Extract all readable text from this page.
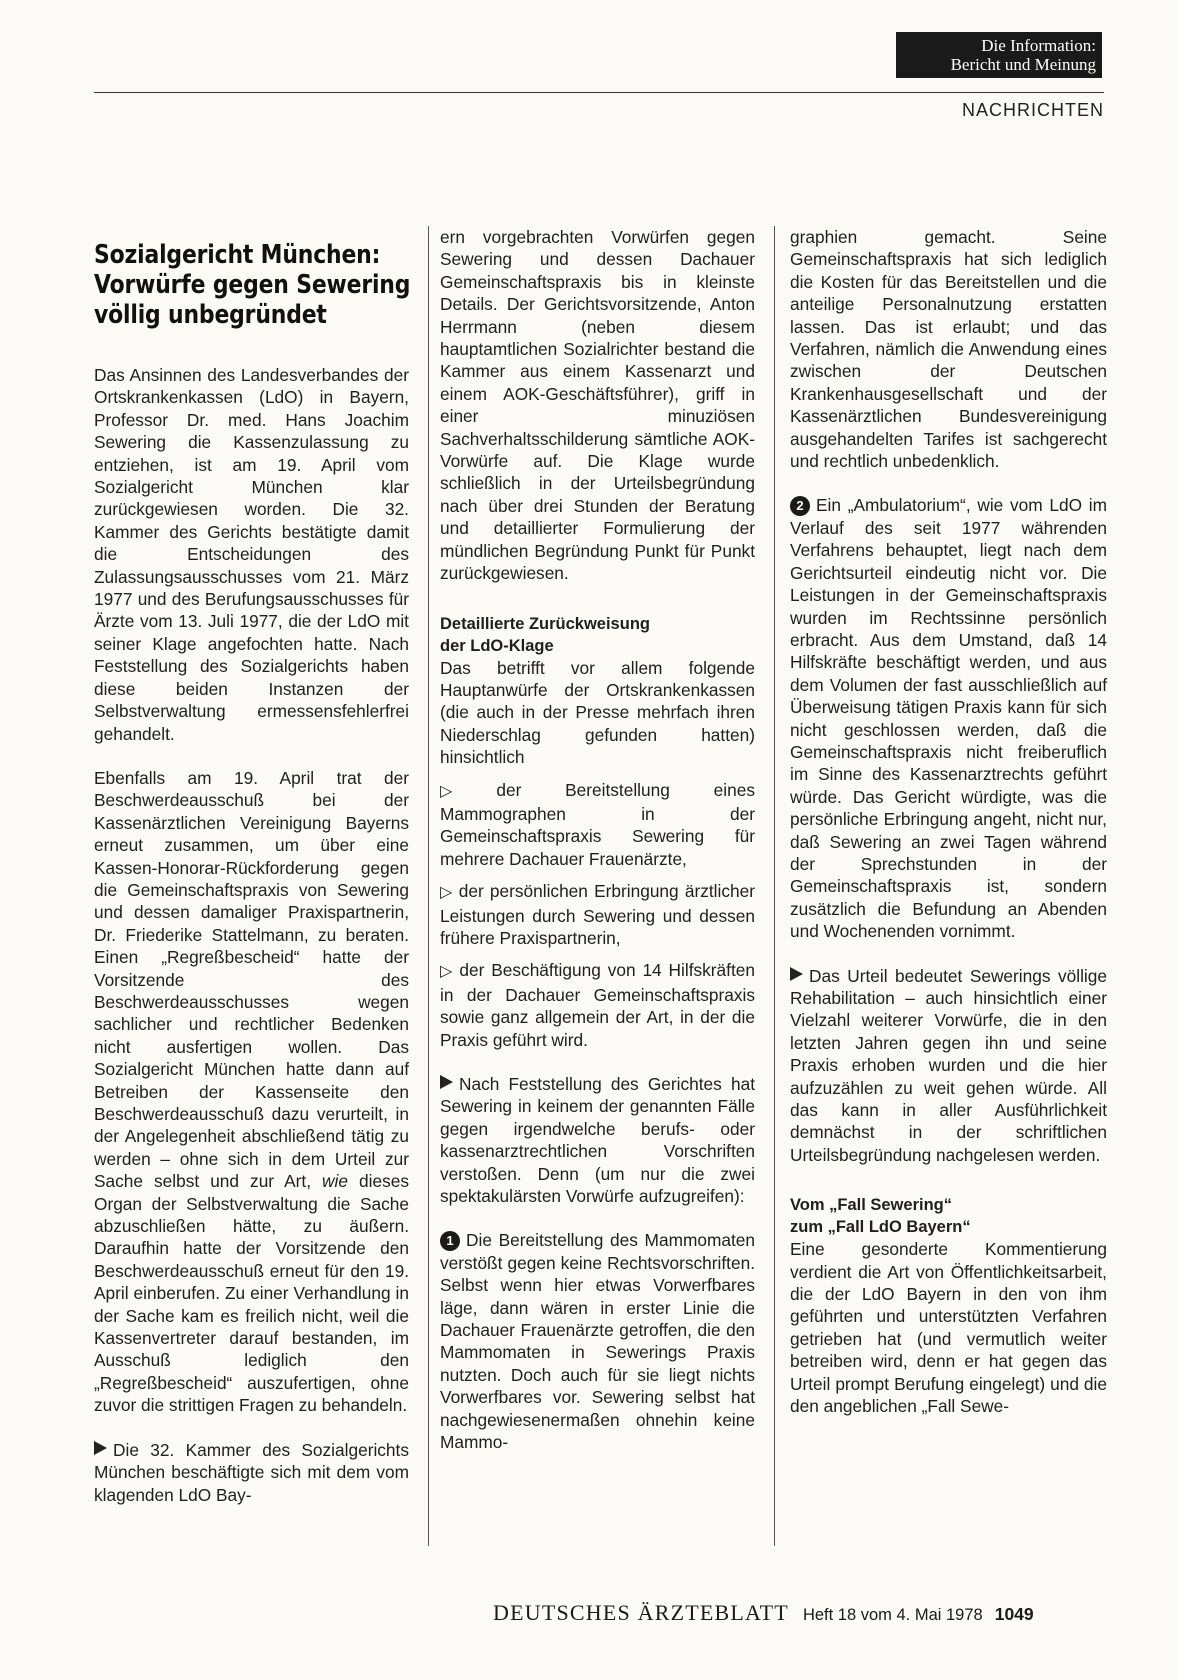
Die Information:
Bericht und Meinung
NACHRICHTEN
Sozialgericht München:
Vorwürfe gegen Sewering
völlig unbegründet

Das Ansinnen des Landesverbandes der Ortskrankenkassen (LdO) in Bayern, Professor Dr. med. Hans Joachim Sewering die Kassenzulassung zu entziehen, ist am 19. April vom Sozialgericht München klar zurückgewiesen worden. Die 32. Kammer des Gerichts bestätigte damit die Entscheidungen des Zulassungsausschusses vom 21. März 1977 und des Berufungsausschusses für Ärzte vom 13. Juli 1977, die der LdO mit seiner Klage angefochten hatte. Nach Feststellung des Sozialgerichts haben diese beiden Instanzen der Selbstverwaltung ermessensfehlerfrei gehandelt.

Ebenfalls am 19. April trat der Beschwerdeausschuß bei der Kassenärztlichen Vereinigung Bayerns erneut zusammen, um über eine Kassen-Honorar-Rückforderung gegen die Gemeinschaftspraxis von Sewering und dessen damaliger Praxispartnerin, Dr. Friederike Stattelmann, zu beraten. Einen „Regreßbescheid“ hatte der Vorsitzende des Beschwerdeausschusses wegen sachlicher und rechtlicher Bedenken nicht ausfertigen wollen. Das Sozialgericht München hatte dann auf Betreiben der Kassenseite den Beschwerdeausschuß dazu verurteilt, in der Angelegenheit abschließend tätig zu werden – ohne sich in dem Urteil zur Sache selbst und zur Art, wie dieses Organ der Selbstverwaltung die Sache abzuschließen hätte, zu äußern. Daraufhin hatte der Vorsitzende den Beschwerdeausschuß erneut für den 19. April einberufen. Zu einer Verhandlung in der Sache kam es freilich nicht, weil die Kassenvertreter darauf bestanden, im Ausschuß lediglich den „Regreßbescheid“ auszufertigen, ohne zuvor die strittigen Fragen zu behandeln.

Die 32. Kammer des Sozialgerichts München beschäftigte sich mit dem vom klagenden LdO Bay-

ern vorgebrachten Vorwürfen gegen Sewering und dessen Dachauer Gemeinschaftspraxis bis in kleinste Details. Der Gerichtsvorsitzende, Anton Herrmann (neben diesem hauptamtlichen Sozialrichter bestand die Kammer aus einem Kassenarzt und einem AOK-Geschäftsführer), griff in einer minuziösen Sachverhaltsschilderung sämtliche AOK-Vorwürfe auf. Die Klage wurde schließlich in der Urteilsbegründung nach über drei Stunden der Beratung und detaillierter Formulierung der mündlichen Begründung Punkt für Punkt zurückgewiesen.

Detaillierte Zurückweisung
der LdO-Klage

Das betrifft vor allem folgende Hauptanwürfe der Ortskrankenkassen (die auch in der Presse mehrfach ihren Niederschlag gefunden hatten) hinsichtlich

▷ der Bereitstellung eines Mammographen in der Gemeinschaftspraxis Sewering für mehrere Dachauer Frauenärzte,

▷ der persönlichen Erbringung ärztlicher Leistungen durch Sewering und dessen frühere Praxispartnerin,

▷ der Beschäftigung von 14 Hilfskräften in der Dachauer Gemeinschaftspraxis sowie ganz allgemein der Art, in der die Praxis geführt wird.

Nach Feststellung des Gerichtes hat Sewering in keinem der genannten Fälle gegen irgendwelche berufs- oder kassenarztrechtlichen Vorschriften verstoßen. Denn (um nur die zwei spektakulärsten Vorwürfe aufzugreifen):

1 Die Bereitstellung des Mammomaten verstößt gegen keine Rechtsvorschriften. Selbst wenn hier etwas Vorwerfbares läge, dann wären in erster Linie die Dachauer Frauenärzte getroffen, die den Mammomaten in Sewerings Praxis nutzten. Doch auch für sie liegt nichts Vorwerfbares vor. Sewering selbst hat nachgewiesenermaßen ohnehin keine Mammo-

graphien gemacht. Seine Gemeinschaftspraxis hat sich lediglich die Kosten für das Bereitstellen und die anteilige Personalnutzung erstatten lassen. Das ist erlaubt; und das Verfahren, nämlich die Anwendung eines zwischen der Deutschen Krankenhausgesellschaft und der Kassenärztlichen Bundesvereinigung ausgehandelten Tarifes ist sachgerecht und rechtlich unbedenklich.

2 Ein „Ambulatorium“, wie vom LdO im Verlauf des seit 1977 währenden Verfahrens behauptet, liegt nach dem Gerichtsurteil eindeutig nicht vor. Die Leistungen in der Gemeinschaftspraxis wurden im Rechtssinne persönlich erbracht. Aus dem Umstand, daß 14 Hilfskräfte beschäftigt werden, und aus dem Volumen der fast ausschließlich auf Überweisung tätigen Praxis kann für sich nicht geschlossen werden, daß die Gemeinschaftspraxis nicht freiberuflich im Sinne des Kassenarztrechts geführt würde. Das Gericht würdigte, was die persönliche Erbringung angeht, nicht nur, daß Sewering an zwei Tagen während der Sprechstunden in der Gemeinschaftspraxis ist, sondern zusätzlich die Befundung an Abenden und Wochenenden vornimmt.

Das Urteil bedeutet Sewerings völlige Rehabilitation – auch hinsichtlich einer Vielzahl weiterer Vorwürfe, die in den letzten Jahren gegen ihn und seine Praxis erhoben wurden und die hier aufzuzählen zu weit gehen würde. All das kann in aller Ausführlichkeit demnächst in der schriftlichen Urteilsbegründung nachgelesen werden.

Vom „Fall Sewering“
zum „Fall LdO Bayern“

Eine gesonderte Kommentierung verdient die Art von Öffentlichkeitsarbeit, die der LdO Bayern in den von ihm geführten und unterstützten Verfahren getrieben hat (und vermutlich weiter betreiben wird, denn er hat gegen das Urteil prompt Berufung eingelegt) und die den angeblichen „Fall Sewe-

DEUTSCHES ÄRZTEBLATT Heft 18 vom 4. Mai 1978 1049
